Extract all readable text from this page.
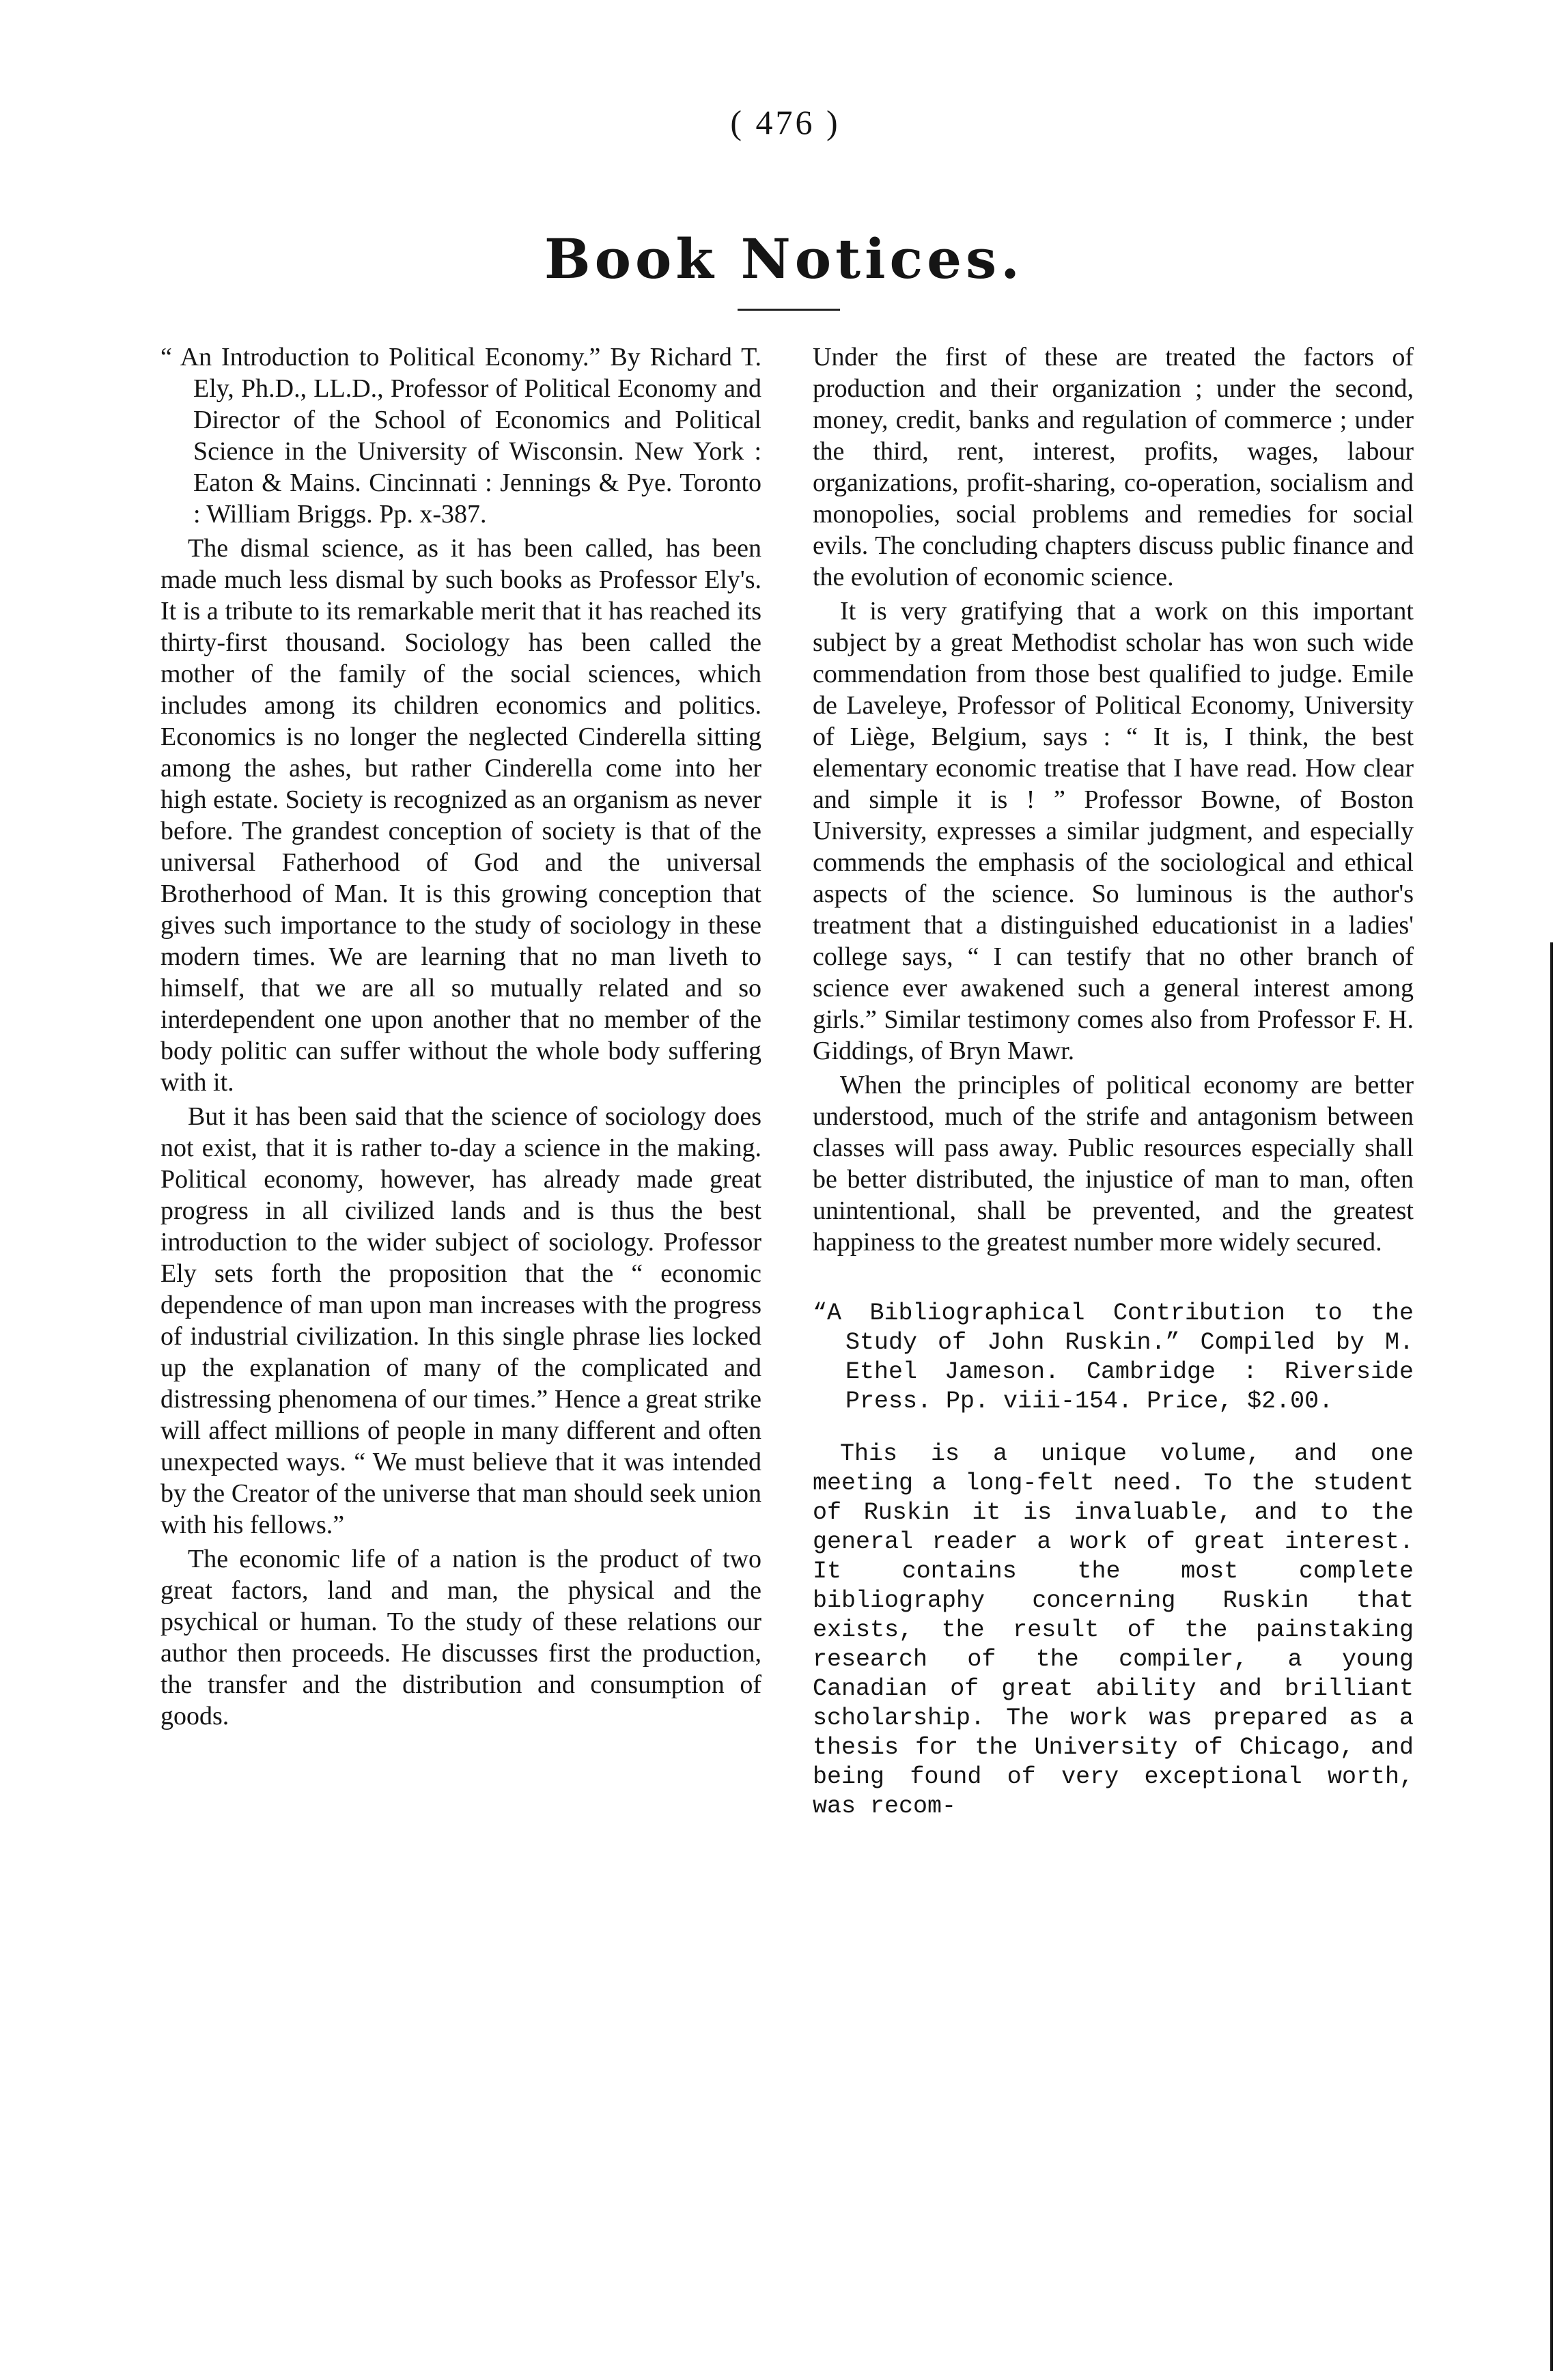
( 476 )
Book Notices.

“ An Introduction to Political Economy.” By Richard T. Ely, Ph.D., LL.D., Professor of Political Economy and Director of the School of Economics and Political Science in the University of Wisconsin. New York : Eaton & Mains. Cincinnati : Jennings & Pye. Toronto : William Briggs. Pp. x-387.

The dismal science, as it has been called, has been made much less dismal by such books as Professor Ely's. It is a tribute to its remarkable merit that it has reached its thirty-first thousand. Sociology has been called the mother of the family of the social sciences, which includes among its children economics and politics. Economics is no longer the neglected Cinderella sitting among the ashes, but rather Cinderella come into her high estate. Society is recognized as an organism as never before. The grandest conception of society is that of the universal Fatherhood of God and the universal Brotherhood of Man. It is this growing conception that gives such importance to the study of sociology in these modern times. We are learning that no man liveth to himself, that we are all so mutually related and so interdependent one upon another that no member of the body politic can suffer without the whole body suffering with it.

But it has been said that the science of sociology does not exist, that it is rather to-day a science in the making. Political economy, however, has already made great progress in all civilized lands and is thus the best introduction to the wider subject of sociology. Professor Ely sets forth the proposition that the “ economic dependence of man upon man increases with the progress of industrial civilization. In this single phrase lies locked up the explanation of many of the complicated and distressing phenomena of our times.” Hence a great strike will affect millions of people in many different and often unexpected ways. “ We must believe that it was intended by the Creator of the universe that man should seek union with his fellows.”

The economic life of a nation is the product of two great factors, land and man, the physical and the psychical or human. To the study of these relations our author then proceeds. He discusses first the production, the transfer and the distribution and consumption of goods.

Under the first of these are treated the factors of production and their organization ; under the second, money, credit, banks and regulation of commerce ; under the third, rent, interest, profits, wages, labour organizations, profit-sharing, co-operation, socialism and monopolies, social problems and remedies for social evils. The concluding chapters discuss public finance and the evolution of economic science.

It is very gratifying that a work on this important subject by a great Methodist scholar has won such wide commendation from those best qualified to judge. Emile de Laveleye, Professor of Political Economy, University of Liège, Belgium, says : “ It is, I think, the best elementary economic treatise that I have read. How clear and simple it is ! ” Professor Bowne, of Boston University, expresses a similar judgment, and especially commends the emphasis of the sociological and ethical aspects of the science. So luminous is the author's treatment that a distinguished educationist in a ladies' college says, “ I can testify that no other branch of science ever awakened such a general interest among girls.” Similar testimony comes also from Professor F. H. Giddings, of Bryn Mawr.

When the principles of political economy are better understood, much of the strife and antagonism between classes will pass away. Public resources especially shall be better distributed, the injustice of man to man, often unintentional, shall be prevented, and the greatest happiness to the greatest number more widely secured.

“A Bibliographical Contribution to the Study of John Ruskin.” Compiled by M. Ethel Jameson. Cambridge : Riverside Press. Pp. viii-154. Price, $2.00.

This is a unique volume, and one meeting a long-felt need. To the student of Ruskin it is invaluable, and to the general reader a work of great interest. It contains the most complete bibliography concerning Ruskin that exists, the result of the painstaking research of the compiler, a young Canadian of great ability and brilliant scholarship. The work was prepared as a thesis for the University of Chicago, and being found of very exceptional worth, was recom-
